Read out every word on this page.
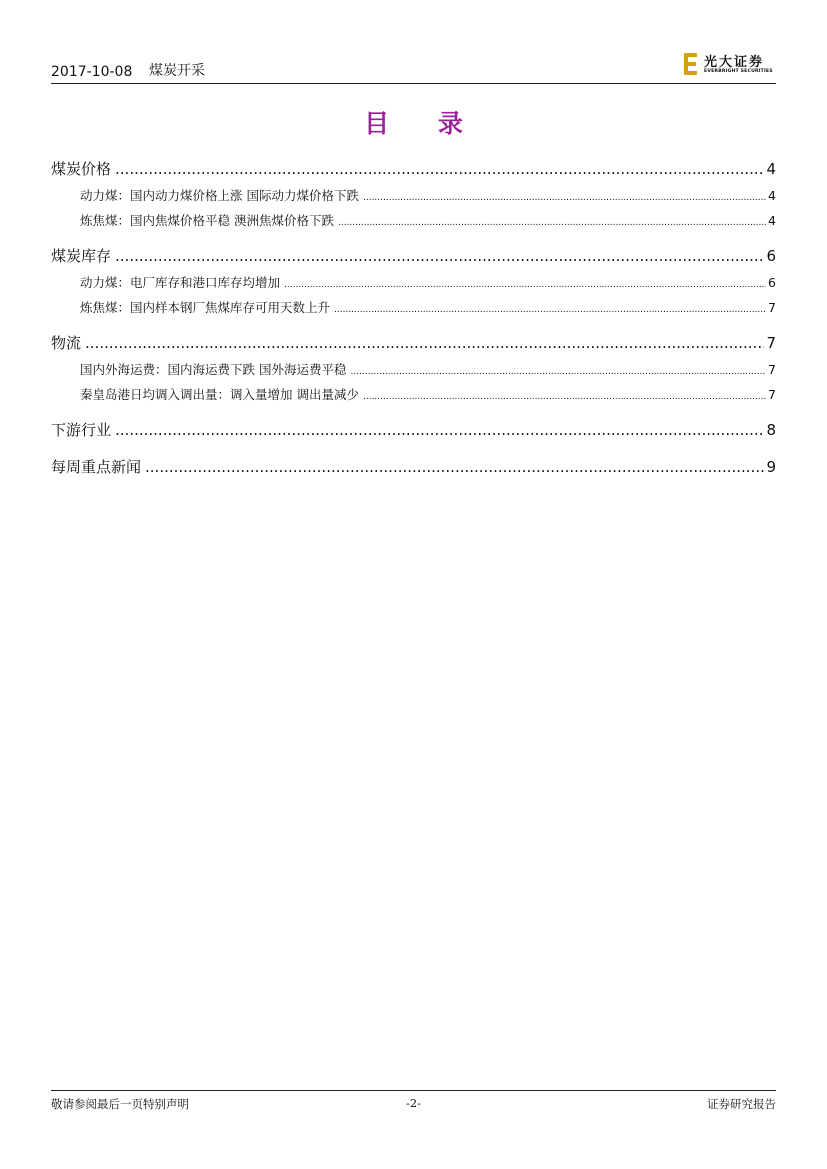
2017-10-08 煤炭开采
光大证券
EVERBRIGHT SECURITIES
目 录
煤炭价格 .....	4
动力煤：国内动力煤价格上涨 国际动力煤价格下跌 .....	4
炼焦煤：国内焦煤价格平稳 澳洲焦煤价格下跌 .....	4
煤炭库存 .....	6
动力煤：电厂库存和港口库存均增加 .....	6
炼焦煤：国内样本钢厂焦煤库存可用天数上升 .....	7
物流 .....	7
国内外海运费：国内海运费下跌 国外海运费平稳 .....	7
秦皇岛港日均调入调出量：调入量增加 调出量减少 .....	7
下游行业 .....	8
每周重点新闻 .....	9
敬请参阅最后一页特别声明	-2-	证券研究报告
